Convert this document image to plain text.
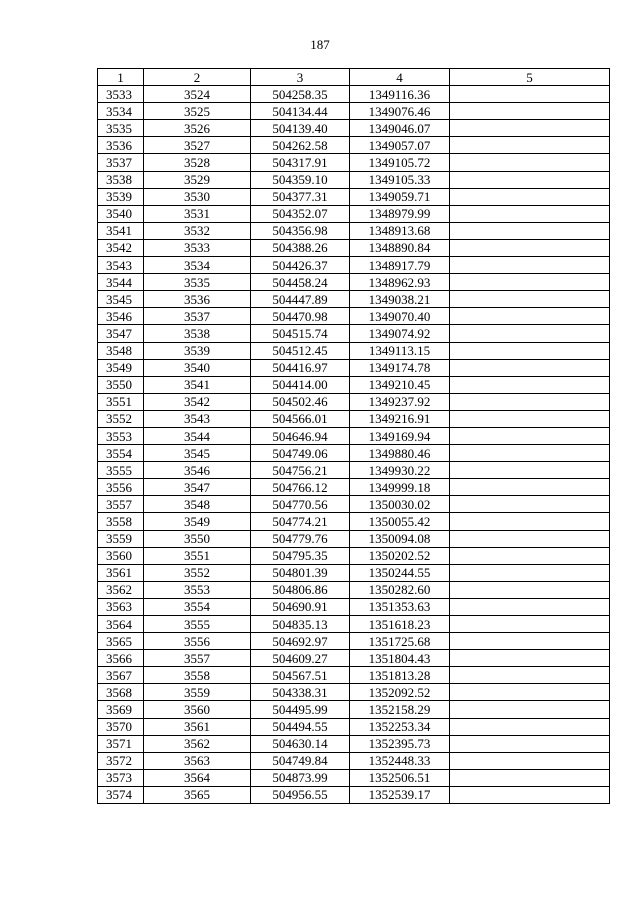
187
1	2	3	4	5
3533	3524	504258.35	1349116.36	
3534	3525	504134.44	1349076.46	
3535	3526	504139.40	1349046.07	
3536	3527	504262.58	1349057.07	
3537	3528	504317.91	1349105.72	
3538	3529	504359.10	1349105.33	
3539	3530	504377.31	1349059.71	
3540	3531	504352.07	1348979.99	
3541	3532	504356.98	1348913.68	
3542	3533	504388.26	1348890.84	
3543	3534	504426.37	1348917.79	
3544	3535	504458.24	1348962.93	
3545	3536	504447.89	1349038.21	
3546	3537	504470.98	1349070.40	
3547	3538	504515.74	1349074.92	
3548	3539	504512.45	1349113.15	
3549	3540	504416.97	1349174.78	
3550	3541	504414.00	1349210.45	
3551	3542	504502.46	1349237.92	
3552	3543	504566.01	1349216.91	
3553	3544	504646.94	1349169.94	
3554	3545	504749.06	1349880.46	
3555	3546	504756.21	1349930.22	
3556	3547	504766.12	1349999.18	
3557	3548	504770.56	1350030.02	
3558	3549	504774.21	1350055.42	
3559	3550	504779.76	1350094.08	
3560	3551	504795.35	1350202.52	
3561	3552	504801.39	1350244.55	
3562	3553	504806.86	1350282.60	
3563	3554	504690.91	1351353.63	
3564	3555	504835.13	1351618.23	
3565	3556	504692.97	1351725.68	
3566	3557	504609.27	1351804.43	
3567	3558	504567.51	1351813.28	
3568	3559	504338.31	1352092.52	
3569	3560	504495.99	1352158.29	
3570	3561	504494.55	1352253.34	
3571	3562	504630.14	1352395.73	
3572	3563	504749.84	1352448.33	
3573	3564	504873.99	1352506.51	
3574	3565	504956.55	1352539.17	
